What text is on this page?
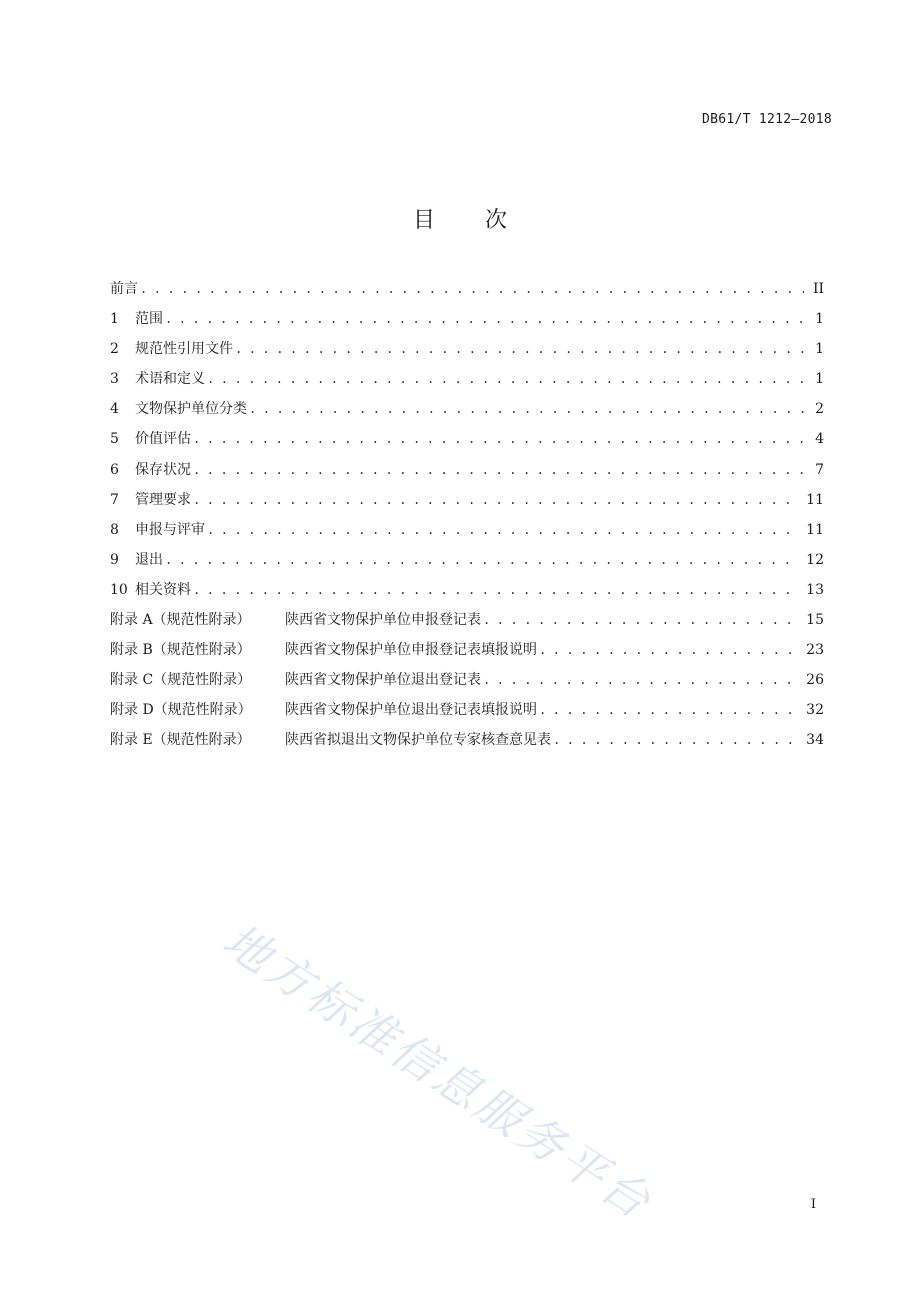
DB61/T 1212—2018
目 次
前言 . . .	II
1	范围 . . .	1
2	规范性引用文件 . . .	1
3	术语和定义 . . .	1
4	文物保护单位分类 . . .	2
5	价值评估 . . .	4
6	保存状况 . . .	7
7	管理要求 . . .	11
8	申报与评审 . . .	11
9	退出 . . .	12
10 相关资料 . . .	13
附录 A（规范性附录）	陕西省文物保护单位申报登记表 . . .	15
附录 B（规范性附录）	陕西省文物保护单位申报登记表填报说明 . . .	23
附录 C（规范性附录）	陕西省文物保护单位退出登记表 . . .	26
附录 D（规范性附录）	陕西省文物保护单位退出登记表填报说明 . . .	32
附录 E（规范性附录）	陕西省拟退出文物保护单位专家核查意见表 . . .	34
地方标准信息服务平台	I
